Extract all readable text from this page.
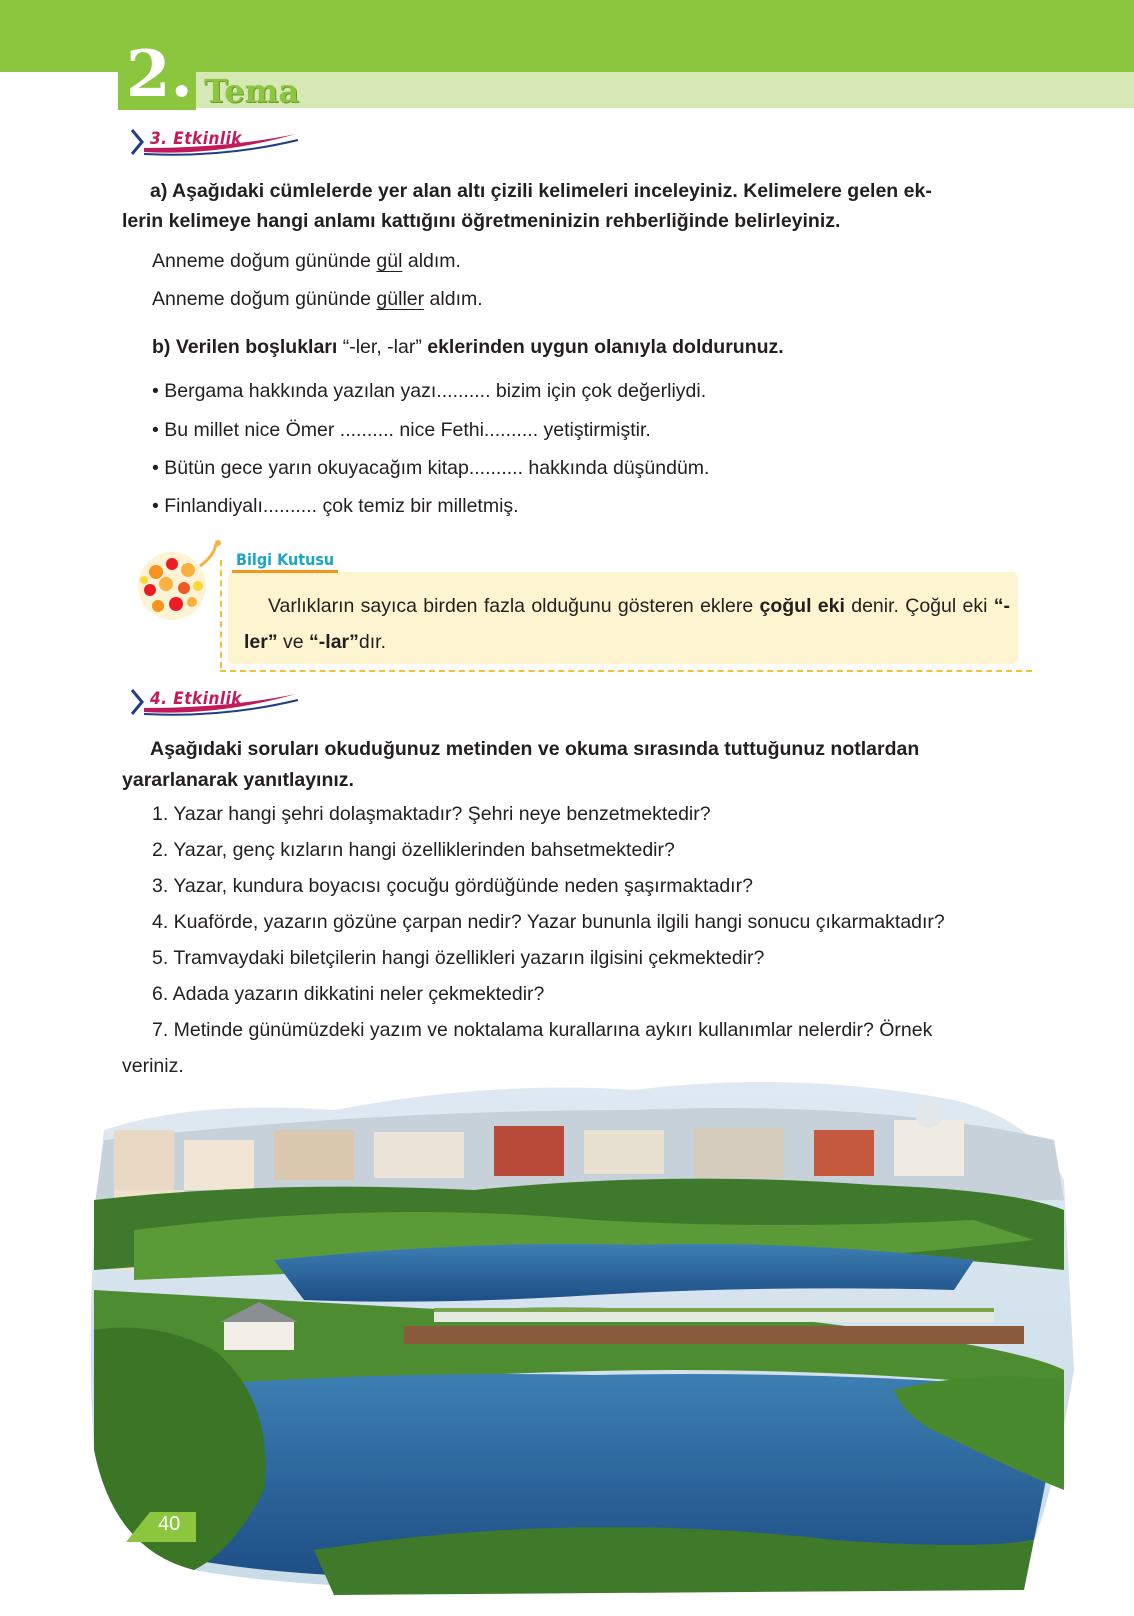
2. Tema
3. Etkinlik
a) Aşağıdaki cümlelerde yer alan altı çizili kelimeleri inceleyiniz. Kelimelere gelen ek-
lerin kelimeye hangi anlamı kattığını öğretmeninizin rehberliğinde belirleyiniz.
Anneme doğum gününde gül aldım.
Anneme doğum gününde güller aldım.
b) Verilen boşlukları “-ler, -lar” eklerinden uygun olanıyla doldurunuz.
• Bergama hakkında yazılan yazı.......... bizim için çok değerliydi.
• Bu millet nice Ömer .......... nice Fethi.......... yetiştirmiştir.
• Bütün gece yarın okuyacağım kitap.......... hakkında düşündüm.
• Finlandiyalı.......... çok temiz bir milletmiş.
Bilgi Kutusu
Varlıkların sayıca birden fazla olduğunu gösteren eklere çoğul eki denir. Çoğul eki “-ler” ve “-lar”dır.
4. Etkinlik
Aşağıdaki soruları okuduğunuz metinden ve okuma sırasında tuttuğunuz notlardan
yararlanarak yanıtlayınız.
1. Yazar hangi şehri dolaşmaktadır? Şehri neye benzetmektedir?
2. Yazar, genç kızların hangi özelliklerinden bahsetmektedir?
3. Yazar, kundura boyacısı çocuğu gördüğünde neden şaşırmaktadır?
4. Kuaförde, yazarın gözüne çarpan nedir? Yazar bununla ilgili hangi sonucu çıkarmaktadır?
5. Tramvaydaki biletçilerin hangi özellikleri yazarın ilgisini çekmektedir?
6. Adada yazarın dikkatini neler çekmektedir?
7. Metinde günümüzdeki yazım ve noktalama kurallarına aykırı kullanımlar nelerdir? Örnek
veriniz.
40
